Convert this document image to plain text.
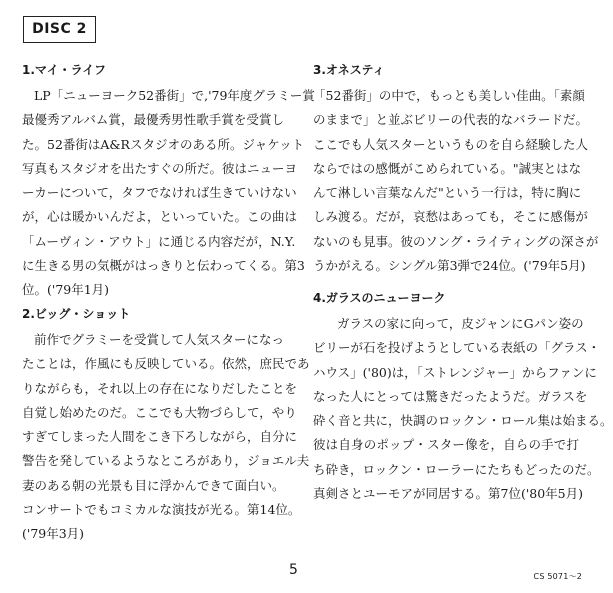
DISC 2
1.マイ・ライフ
LP「ニューヨーク52番街」で,'79年度グラミー賞
最優秀アルバム賞，最優秀男性歌手賞を受賞し
た。52番街はA&Rスタジオのある所。ジャケット
写真もスタジオを出たすぐの所だ。彼はニューヨ
ーカーについて，タフでなければ生きていけない
が，心は暖かいんだよ，といっていた。この曲は
「ムーヴィン・アウト」に通じる内容だが，N.Y.
に生きる男の気概がはっきりと伝わってくる。第3
位。('79年1月)
2.ビッグ・ショット
前作でグラミーを受賞して人気スターになっ
たことは，作風にも反映している。依然，庶民であ
りながらも，それ以上の存在になりだしたことを
自覚し始めたのだ。ここでも大物づらして，やり
すぎてしまった人間をこき下ろしながら，自分に
警告を発しているようなところがあり，ジョエル夫
妻のある朝の光景も目に浮かんできて面白い。
コンサートでもコミカルな演技が光る。第14位。
('79年3月)
3.オネスティ
「52番街」の中で，もっとも美しい佳曲。「素顔
のままで」と並ぶビリーの代表的なバラードだ。
ここでも人気スターというものを自ら経験した人
ならではの感慨がこめられている。"誠実とはな
んて淋しい言葉なんだ"という一行は，特に胸に
しみ渡る。だが，哀愁はあっても，そこに感傷が
ないのも見事。彼のソング・ライティングの深さが
うかがえる。シングル第3弾で24位。('79年5月)
4.ガラスのニューヨーク
ガラスの家に向って，皮ジャンにGパン姿の
ビリーが石を投げようとしている表紙の「グラス・
ハウス」('80)は，「ストレンジャー」からファンに
なった人にとっては驚きだったようだ。ガラスを
砕く音と共に，快調のロックン・ロール集は始まる。
彼は自身のポップ・スター像を，自らの手で打
ち砕き，ロックン・ローラーにたちもどったのだ。
真剣さとユーモアが同居する。第7位('80年5月)
5	CS 5071～2
